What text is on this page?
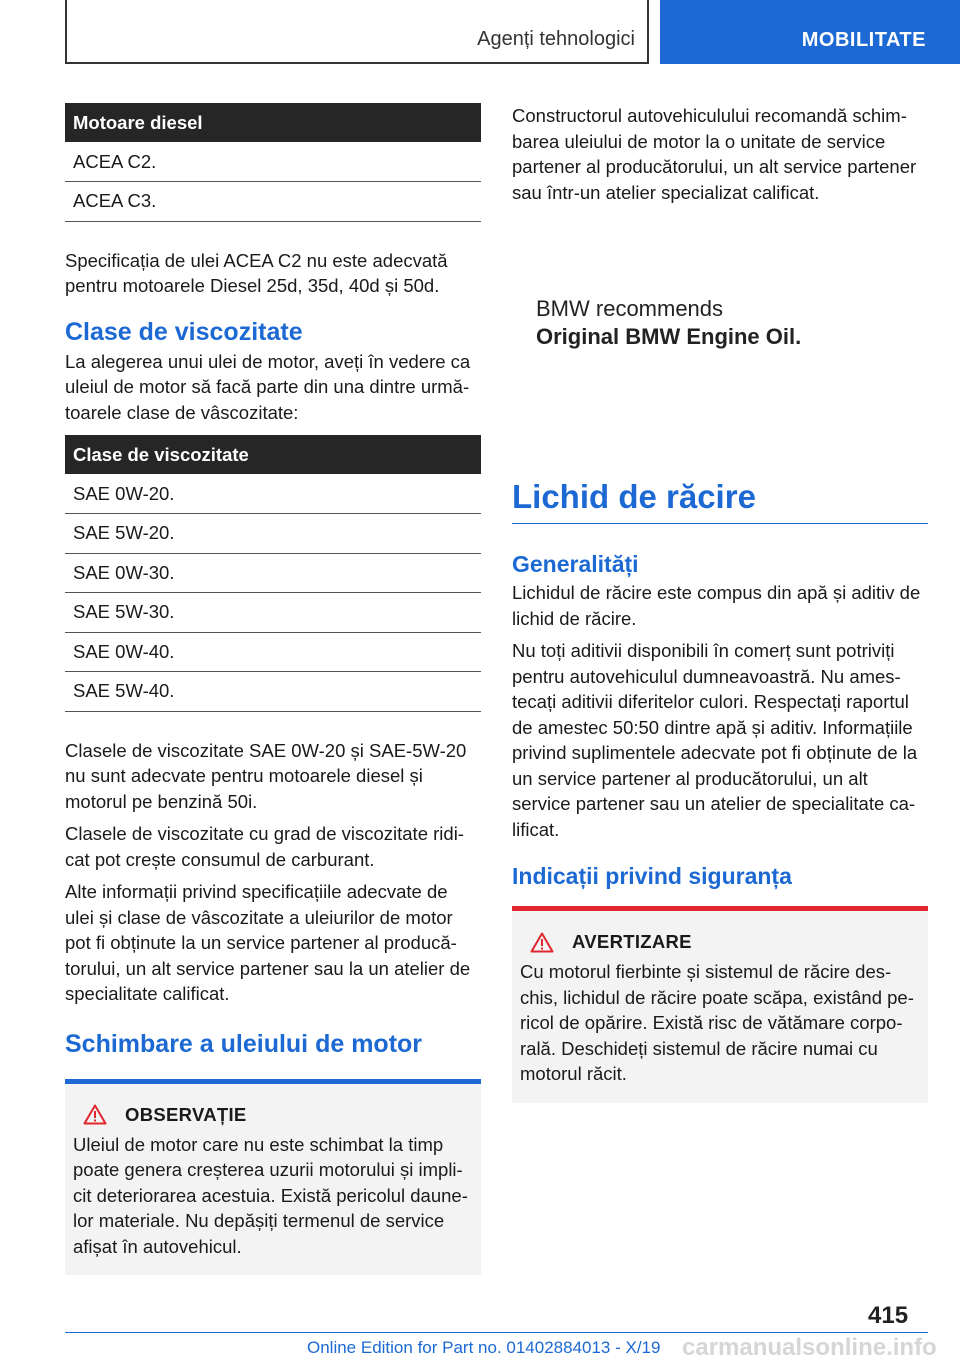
Agenți tehnologici	MOBILITATE
Motoare diesel
ACEA C2.
ACEA C3.

Specificația de ulei ACEA C2 nu este adecvată pentru motoarele Diesel 25d, 35d, 40d și 50d.

Clase de viscozitate

La alegerea unui ulei de motor, aveți în vedere ca uleiul de motor să facă parte din una dintre urmă-toarele clase de vâscozitate:

Clase de viscozitate
SAE 0W-20.
SAE 5W-20.
SAE 0W-30.
SAE 5W-30.
SAE 0W-40.
SAE 5W-40.

Clasele de viscozitate SAE 0W-20 și SAE-5W-20 nu sunt adecvate pentru motoarele diesel și motorul pe benzină 50i.

Clasele de viscozitate cu grad de viscozitate ridi-cat pot crește consumul de carburant.

Alte informații privind specificațiile adecvate de ulei și clase de vâscozitate a uleiurilor de motor pot fi obținute la un service partener al producă-torului, un alt service partener sau la un atelier de specialitate calificat.

Schimbare a uleiului de motor
OBSERVAȚIE

Uleiul de motor care nu este schimbat la timp poate genera creșterea uzurii motorului și impli-cit deteriorarea acestuia. Există pericolul daune-lor materiale. Nu depășiți termenul de service afișat în autovehicul.

Constructorul autovehiculului recomandă schim-barea uleiului de motor la o unitate de service partener al producătorului, un alt service partener sau într-un atelier specializat calificat.

BMW recommends
Original BMW Engine Oil.
Lichid de răcire
Generalități

Lichidul de răcire este compus din apă și aditiv de lichid de răcire.

Nu toți aditivii disponibili în comerț sunt potriviți pentru autovehiculul dumneavoastră. Nu ames-tecați aditivii diferitelor culori. Respectați raportul de amestec 50:50 dintre apă și aditiv. Informațiile privind suplimentele adecvate pot fi obținute de la un service partener al producătorului, un alt service partener sau un atelier de specialitate ca-lificat.

Indicații privind siguranța
AVERTIZARE

Cu motorul fierbinte și sistemul de răcire des-chis, lichidul de răcire poate scăpa, existând pe-ricol de opărire. Există risc de vătămare corpo-rală. Deschideți sistemul de răcire numai cu motorul răcit.

415
Online Edition for Part no. 01402884013 - X/19 carmanualsonline.info
